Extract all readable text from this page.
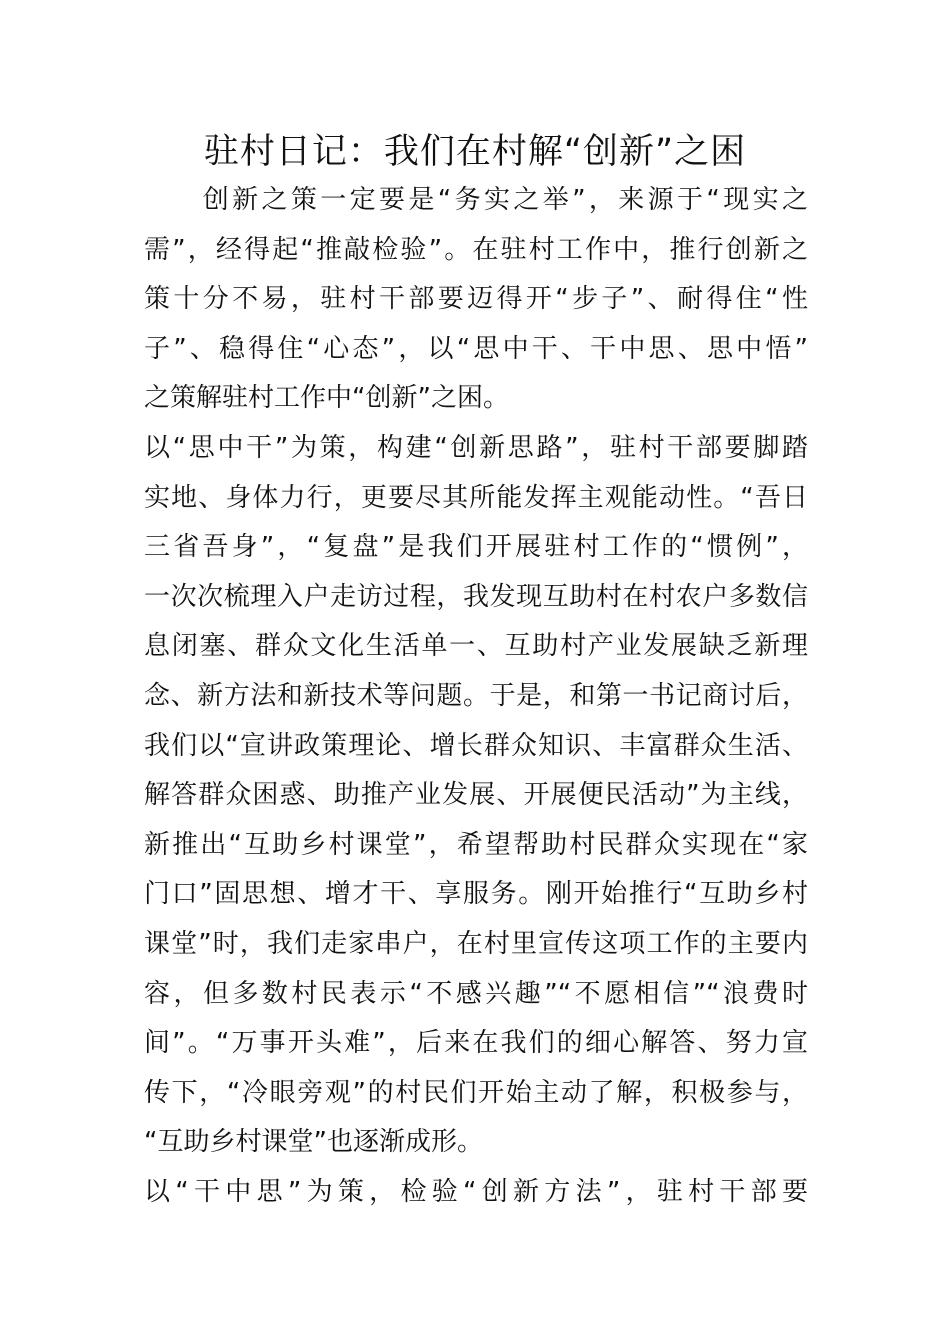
驻村日记：我们在村解“创新”之困
　　创新之策一定要是“务实之举”，来源于“现实之
需”，经得起“推敲检验”。在驻村工作中，推行创新之
策十分不易，驻村干部要迈得开“步子”、耐得住“性
子”、稳得住“心态”，以“思中干、干中思、思中悟”
之策解驻村工作中“创新”之困。
以“思中干”为策，构建“创新思路”，驻村干部要脚踏
实地、身体力行，更要尽其所能发挥主观能动性。“吾日
三省吾身”，“复盘”是我们开展驻村工作的“惯例”，
一次次梳理入户走访过程，我发现互助村在村农户多数信
息闭塞、群众文化生活单一、互助村产业发展缺乏新理
念、新方法和新技术等问题。于是，和第一书记商讨后，
我们以“宣讲政策理论、增长群众知识、丰富群众生活、
解答群众困惑、助推产业发展、开展便民活动”为主线，
新推出“互助乡村课堂”，希望帮助村民群众实现在“家
门口”固思想、增才干、享服务。刚开始推行“互助乡村
课堂”时，我们走家串户，在村里宣传这项工作的主要内
容，但多数村民表示“不感兴趣”“不愿相信”“浪费时
间”。“万事开头难”，后来在我们的细心解答、努力宣
传下，“冷眼旁观”的村民们开始主动了解，积极参与，
“互助乡村课堂”也逐渐成形。
以“干中思”为策，检验“创新方法”，驻村干部要
